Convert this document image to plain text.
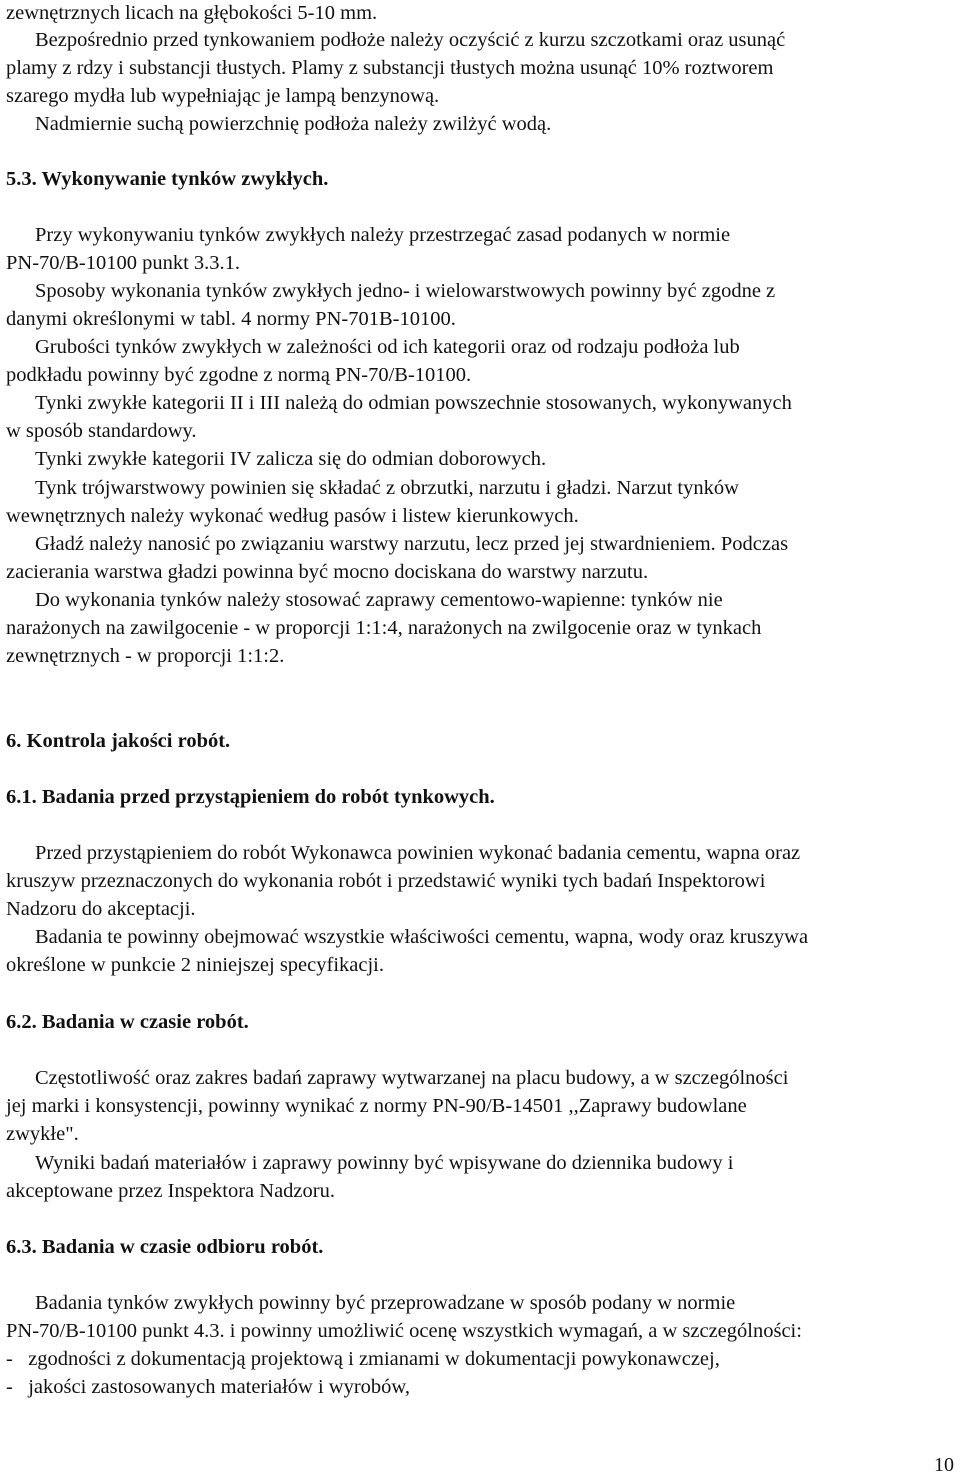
zewnętrznych licach na głębokości 5-10 mm.
Bezpośrednio przed tynkowaniem podłoże należy oczyścić z kurzu szczotkami oraz usunąć
plamy z rdzy i substancji tłustych. Plamy z substancji tłustych można usunąć 10% roztworem
szarego mydła lub wypełniając je lampą benzynową.
Nadmiernie suchą powierzchnię podłoża należy zwilżyć wodą.
5.3. Wykonywanie tynków zwykłych.
Przy wykonywaniu tynków zwykłych należy przestrzegać zasad podanych w normie
PN-70/B-10100 punkt 3.3.1.
Sposoby wykonania tynków zwykłych jedno- i wielowarstwowych powinny być zgodne z
danymi określonymi w tabl. 4 normy PN-701B-10100.
Grubości tynków zwykłych w zależności od ich kategorii oraz od rodzaju podłoża lub
podkładu powinny być zgodne z normą PN-70/B-10100.
Tynki zwykłe kategorii II i III należą do odmian powszechnie stosowanych, wykonywanych
w sposób standardowy.
Tynki zwykłe kategorii IV zalicza się do odmian doborowych.
Tynk trójwarstwowy powinien się składać z obrzutki, narzutu i gładzi. Narzut tynków
wewnętrznych należy wykonać według pasów i listew kierunkowych.
Gładź należy nanosić po związaniu warstwy narzutu, lecz przed jej stwardnieniem. Podczas
zacierania warstwa gładzi powinna być mocno dociskana do warstwy narzutu.
Do wykonania tynków należy stosować zaprawy cementowo-wapienne: tynków nie
narażonych na zawilgocenie - w proporcji 1:1:4, narażonych na zwilgocenie oraz w tynkach
zewnętrznych - w proporcji 1:1:2.
6. Kontrola jakości robót.
6.1. Badania przed przystąpieniem do robót tynkowych.
Przed przystąpieniem do robót Wykonawca powinien wykonać badania cementu, wapna oraz
kruszyw przeznaczonych do wykonania robót i przedstawić wyniki tych badań Inspektorowi
Nadzoru do akceptacji.
Badania te powinny obejmować wszystkie właściwości cementu, wapna, wody oraz kruszywa
określone w punkcie 2 niniejszej specyfikacji.
6.2. Badania w czasie robót.
Częstotliwość oraz zakres badań zaprawy wytwarzanej na placu budowy, a w szczególności
jej marki i konsystencji, powinny wynikać z normy PN-90/B-14501 ,,Zaprawy budowlane
zwykłe".
Wyniki badań materiałów i zaprawy powinny być wpisywane do dziennika budowy i
akceptowane przez Inspektora Nadzoru.
6.3. Badania w czasie odbioru robót.
Badania tynków zwykłych powinny być przeprowadzane w sposób podany w normie
PN-70/B-10100 punkt 4.3. i powinny umożliwić ocenę wszystkich wymagań, a w szczególności:
-   zgodności z dokumentacją projektową i zmianami w dokumentacji powykonawczej,
-   jakości zastosowanych materiałów i wyrobów,
10
